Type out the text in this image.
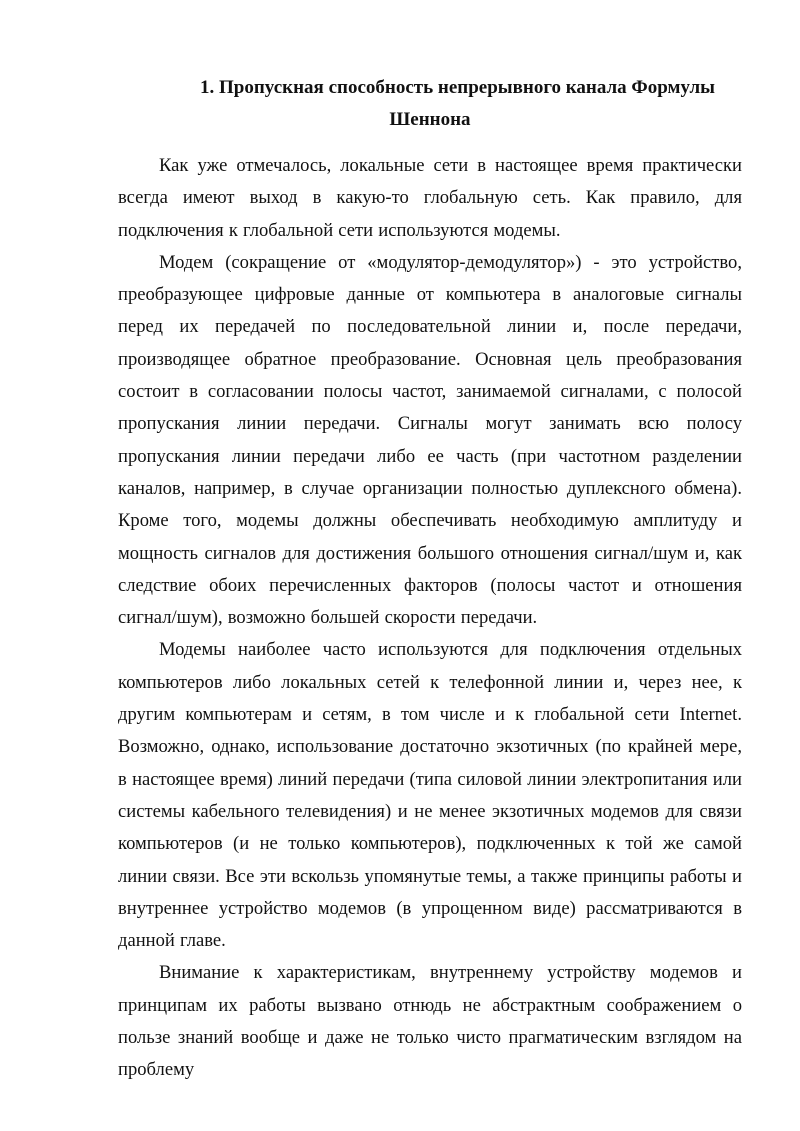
1. Пропускная способность непрерывного канала Формулы
Шеннона

Как уже отмечалось, локальные сети в настоящее время практически всегда имеют выход в какую-то глобальную сеть. Как правило, для подключения к глобальной сети используются модемы.

Модем (сокращение от «модулятор-демодулятор») - это устройство, преобразующее цифровые данные от компьютера в аналоговые сигналы перед их передачей по последовательной линии и, после передачи, производящее обратное преобразование. Основная цель преобразования состоит в согласовании полосы частот, занимаемой сигналами, с полосой пропускания линии передачи. Сигналы могут занимать всю полосу пропускания линии передачи либо ее часть (при частотном разделении каналов, например, в случае организации полностью дуплексного обмена). Кроме того, модемы должны обеспечивать необходимую амплитуду и мощность сигналов для достижения большого отношения сигнал/шум и, как следствие обоих перечисленных факторов (полосы частот и отношения сигнал/шум), возможно большей скорости передачи.

Модемы наиболее часто используются для подключения отдельных компьютеров либо локальных сетей к телефонной линии и, через нее, к другим компьютерам и сетям, в том числе и к глобальной сети Internet. Возможно, однако, использование достаточно экзотичных (по крайней мере, в настоящее время) линий передачи (типа силовой линии электропитания или системы кабельного телевидения) и не менее экзотичных модемов для связи компьютеров (и не только компьютеров), подключенных к той же самой линии связи. Все эти вскользь упомянутые темы, а также принципы работы и внутреннее устройство модемов (в упрощенном виде) рассматриваются в данной главе.

Внимание к характеристикам, внутреннему устройству модемов и принципам их работы вызвано отнюдь не абстрактным соображением о пользе знаний вообще и даже не только чисто прагматическим взглядом на проблему
